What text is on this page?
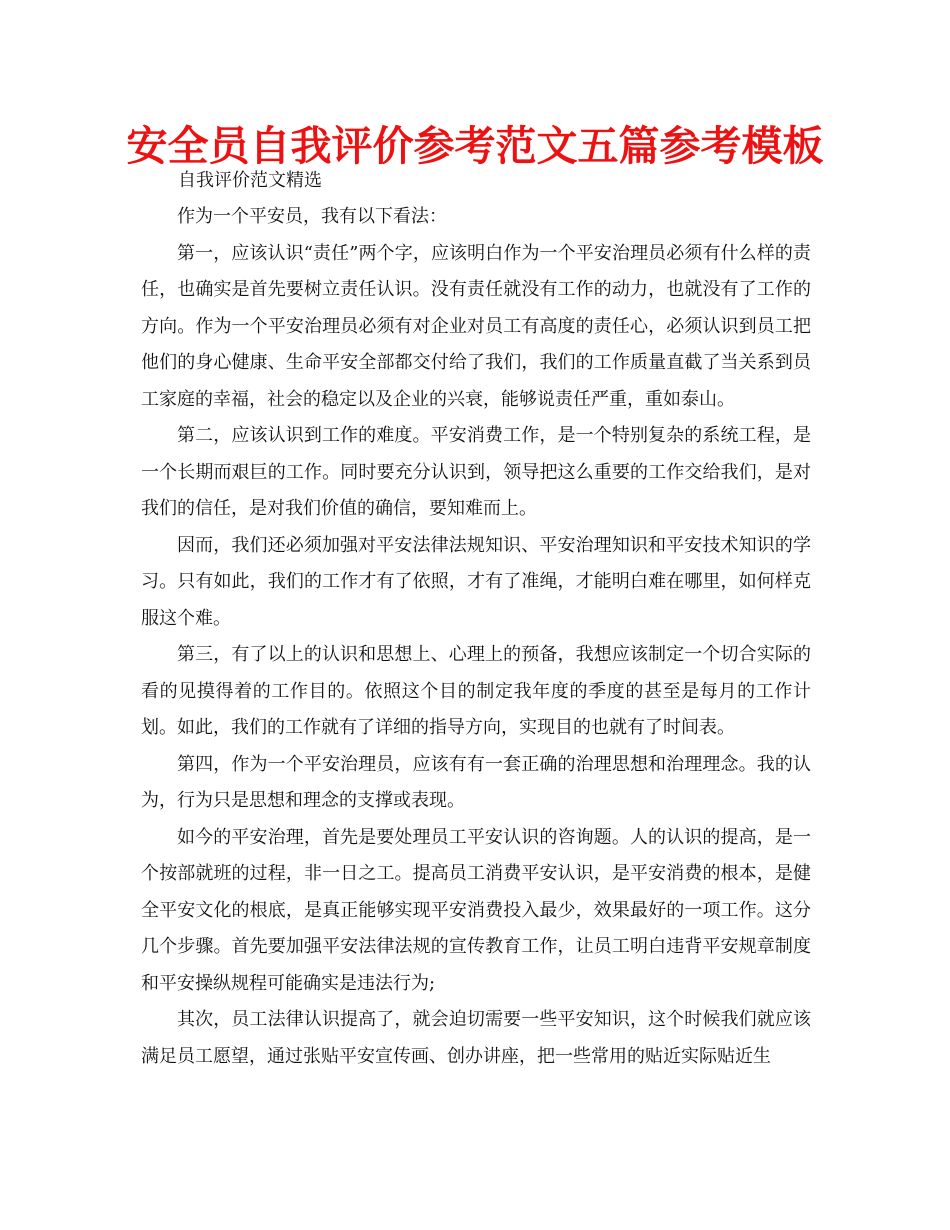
安全员自我评价参考范文五篇参考模板
自我评价范文精选

作为一个平安员，我有以下看法：

第一，应该认识“责任”两个字，应该明白作为一个平安治理员必须有什么样的责任，也确实是首先要树立责任认识。没有责任就没有工作的动力，也就没有了工作的方向。作为一个平安治理员必须有对企业对员工有高度的责任心，必须认识到员工把他们的身心健康、生命平安全部都交付给了我们，我们的工作质量直截了当关系到员工家庭的幸福，社会的稳定以及企业的兴衰，能够说责任严重，重如泰山。

第二，应该认识到工作的难度。平安消费工作，是一个特别复杂的系统工程，是一个长期而艰巨的工作。同时要充分认识到，领导把这么重要的工作交给我们，是对我们的信任，是对我们价值的确信，要知难而上。

因而，我们还必须加强对平安法律法规知识、平安治理知识和平安技术知识的学习。只有如此，我们的工作才有了依照，才有了准绳，才能明白难在哪里，如何样克服这个难。

第三，有了以上的认识和思想上、心理上的预备，我想应该制定一个切合实际的看的见摸得着的工作目的。依照这个目的制定我年度的季度的甚至是每月的工作计划。如此，我们的工作就有了详细的指导方向，实现目的也就有了时间表。

第四，作为一个平安治理员，应该有有一套正确的治理思想和治理理念。我的认为，行为只是思想和理念的支撑或表现。

如今的平安治理，首先是要处理员工平安认识的咨询题。人的认识的提高，是一个按部就班的过程，非一日之工。提高员工消费平安认识，是平安消费的根本，是健全平安文化的根底，是真正能够实现平安消费投入最少，效果最好的一项工作。这分几个步骤。首先要加强平安法律法规的宣传教育工作，让员工明白违背平安规章制度和平安操纵规程可能确实是违法行为;

其次，员工法律认识提高了，就会迫切需要一些平安知识，这个时候我们就应该满足员工愿望，通过张贴平安宣传画、创办讲座，把一些常用的贴近实际贴近生
